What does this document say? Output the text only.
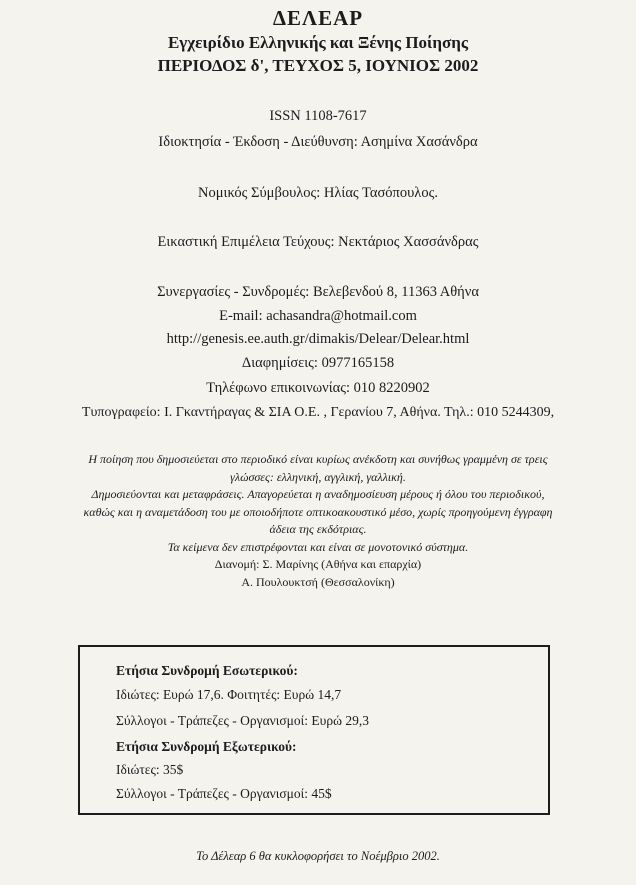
ΔΕΛΕΑΡ
Εγχειρίδιο Ελληνικής και Ξένης Ποίησης
ΠΕΡΙΟΔΟΣ δ', ΤΕΥΧΟΣ 5, ΙΟΥΝΙΟΣ 2002
ISSN 1108-7617
Ιδιοκτησία - Έκδοση - Διεύθυνση: Ασημίνα Χασάνδρα
Νομικός Σύμβουλος: Ηλίας Τασόπουλος.
Εικαστική Επιμέλεια Τεύχους: Νεκτάριος Χασσάνδρας
Συνεργασίες - Συνδρομές: Βελεβενδού 8, 11363 Αθήνα
E-mail: achasandra@hotmail.com
http://genesis.ee.auth.gr/dimakis/Delear/Delear.html
Διαφημίσεις: 0977165158
Τηλέφωνο επικοινωνίας: 010 8220902
Τυπογραφείο: Ι. Γκαντήραγας & ΣΙΑ Ο.Ε. , Γερανίου 7, Αθήνα. Τηλ.: 010 5244309,
Η ποίηση που δημοσιεύεται στο περιοδικό είναι κυρίως ανέκδοτη και συνήθως γραμμένη σε τρεις
γλώσσες: ελληνική, αγγλική, γαλλική.
Δημοσιεύονται και μεταφράσεις. Απαγορεύεται η αναδημοσίευση μέρους ή όλου του περιοδικού,
καθώς και η αναμετάδοση του με οποιοδήποτε οπτικοακουστικό μέσο, χωρίς προηγούμενη έγγραφη
άδεια της εκδότριας.
Τα κείμενα δεν επιστρέφονται και είναι σε μονοτονικό σύστημα.
Διανομή: Σ. Μαρίνης (Αθήνα και επαρχία)
Α. Πουλουκτσή (Θεσσαλονίκη)
Ετήσια Συνδρομή Εσωτερικού:
Ιδιώτες: Ευρώ 17,6. Φοιτητές: Ευρώ 14,7
Σύλλογοι - Τράπεζες - Οργανισμοί: Ευρώ 29,3
Ετήσια Συνδρομή Εξωτερικού:
Ιδιώτες: 35$
Σύλλογοι - Τράπεζες - Οργανισμοί: 45$
Το Δέλεαρ 6 θα κυκλοφορήσει το Νοέμβριο 2002.
